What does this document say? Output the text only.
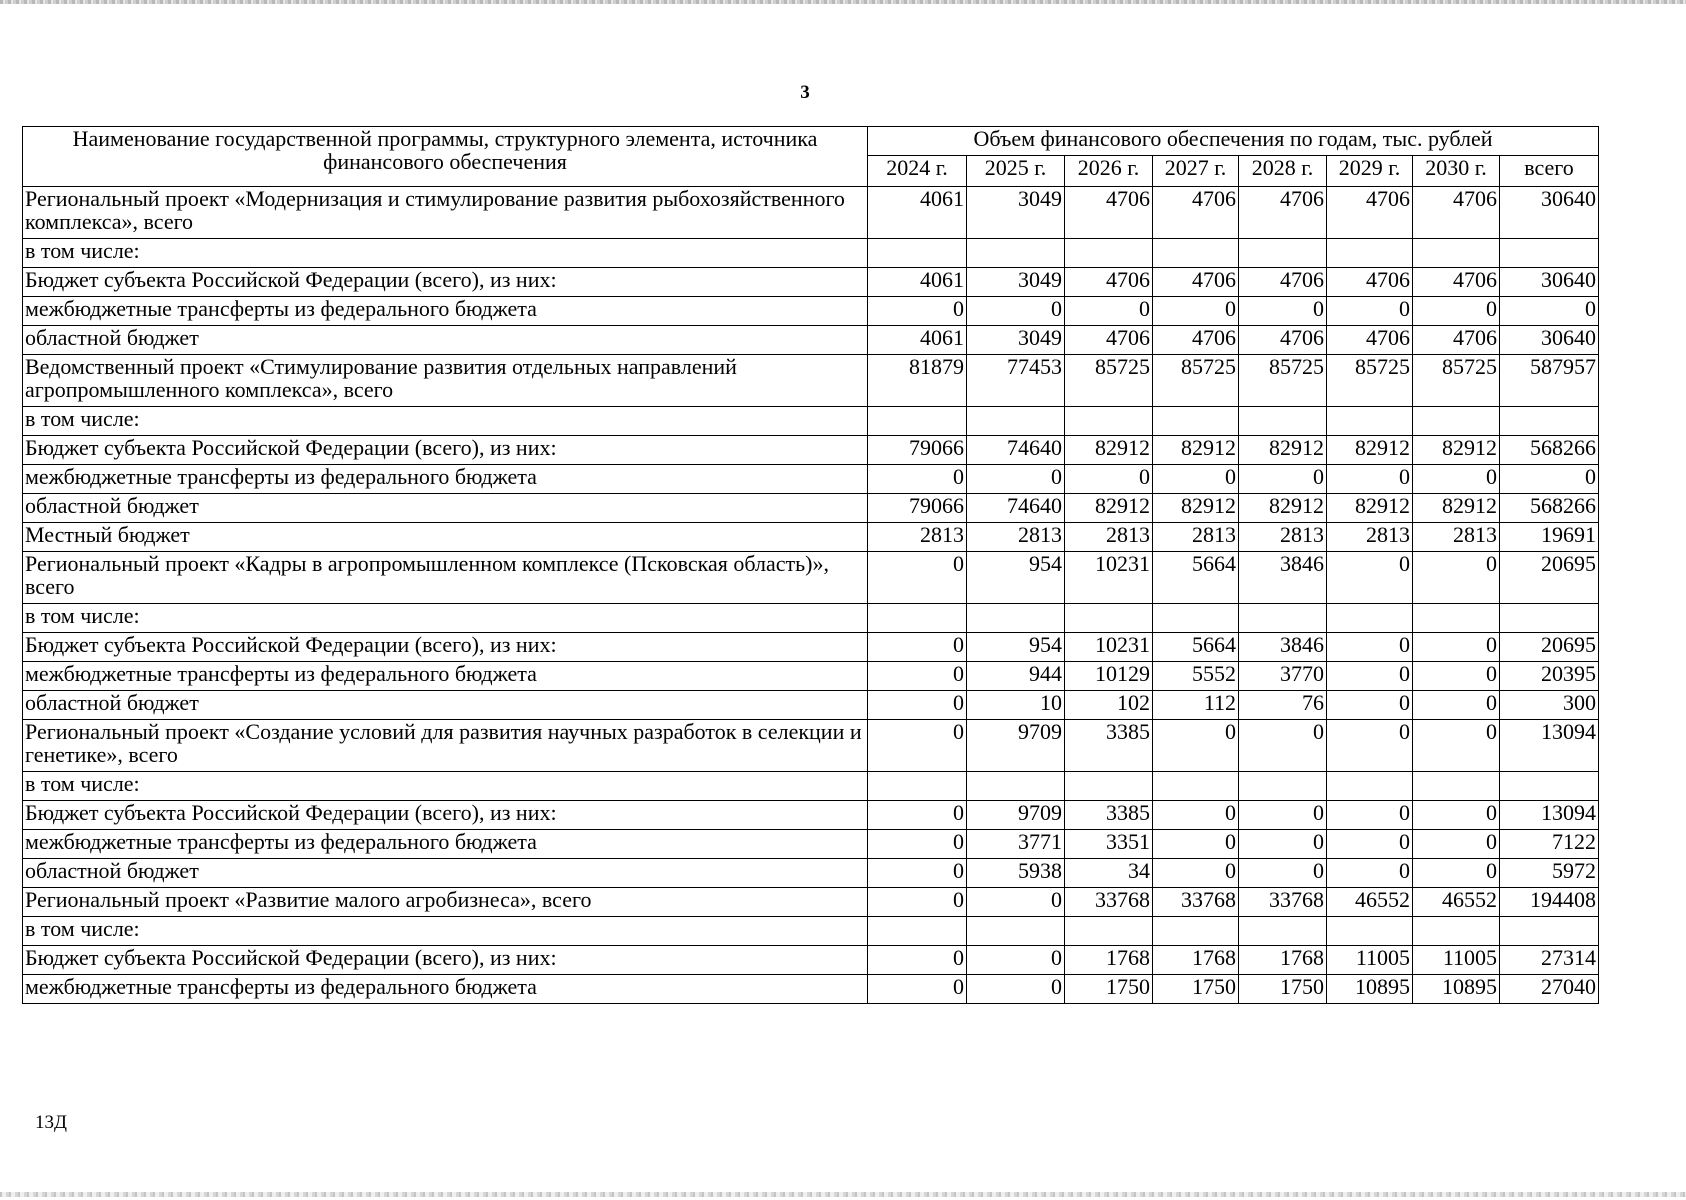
3
Наименование государственной программы, структурного элемента, источника финансового обеспечения	Объем финансового обеспечения по годам, тыс. рублей							
	2024 г.	2025 г.	2026 г.	2027 г.	2028 г.	2029 г.	2030 г.	всего
Региональный проект «Модернизация и стимулирование развития рыбохозяйственного комплекса», всего	4061	3049	4706	4706	4706	4706	4706	30640
в том числе:								
Бюджет субъекта Российской Федерации (всего), из них:	4061	3049	4706	4706	4706	4706	4706	30640
межбюджетные трансферты из федерального бюджета	0	0	0	0	0	0	0	0
областной бюджет	4061	3049	4706	4706	4706	4706	4706	30640
Ведомственный проект «Стимулирование развития отдельных направлений агропромышленного комплекса», всего	81879	77453	85725	85725	85725	85725	85725	587957
в том числе:								
Бюджет субъекта Российской Федерации (всего), из них:	79066	74640	82912	82912	82912	82912	82912	568266
межбюджетные трансферты из федерального бюджета	0	0	0	0	0	0	0	0
областной бюджет	79066	74640	82912	82912	82912	82912	82912	568266
Местный бюджет	2813	2813	2813	2813	2813	2813	2813	19691
Региональный проект «Кадры в агропромышленном комплексе (Псковская область)», всего	0	954	10231	5664	3846	0	0	20695
в том числе:								
Бюджет субъекта Российской Федерации (всего), из них:	0	954	10231	5664	3846	0	0	20695
межбюджетные трансферты из федерального бюджета	0	944	10129	5552	3770	0	0	20395
областной бюджет	0	10	102	112	76	0	0	300
Региональный проект «Создание условий для развития научных разработок в селекции и генетике», всего	0	9709	3385	0	0	0	0	13094
в том числе:								
Бюджет субъекта Российской Федерации (всего), из них:	0	9709	3385	0	0	0	0	13094
межбюджетные трансферты из федерального бюджета	0	3771	3351	0	0	0	0	7122
областной бюджет	0	5938	34	0	0	0	0	5972
Региональный проект «Развитие малого агробизнеса», всего	0	0	33768	33768	33768	46552	46552	194408
в том числе:								
Бюджет субъекта Российской Федерации (всего), из них:	0	0	1768	1768	1768	11005	11005	27314
межбюджетные трансферты из федерального бюджета	0	0	1750	1750	1750	10895	10895	27040
13Д
